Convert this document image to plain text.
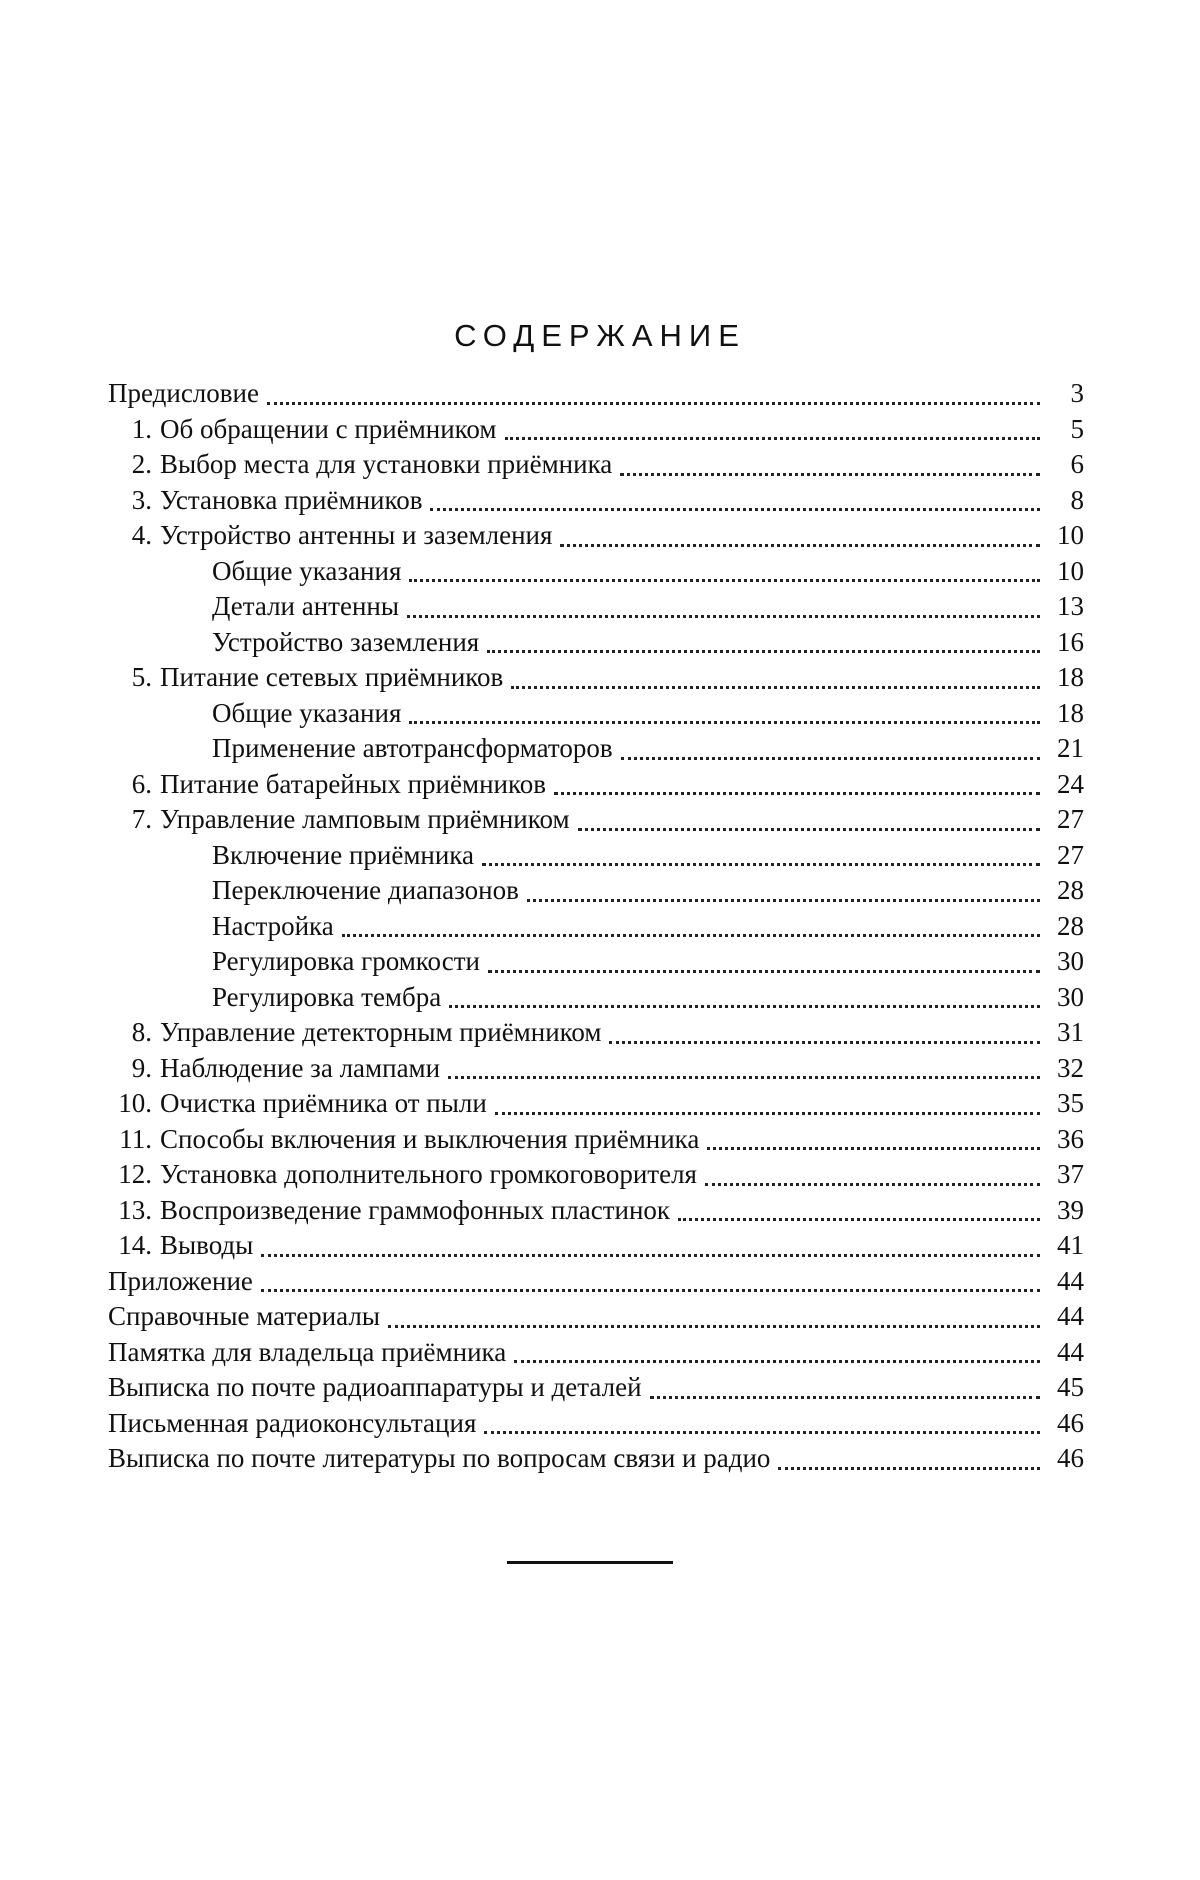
СОДЕРЖАНИЕ
Предисловие	3
1. Об обращении с приёмником	5
2. Выбор места для установки приёмника	6
3. Установка приёмников	8
4. Устройство антенны и заземления	10
Общие указания	10
Детали антенны	13
Устройство заземления	16
5. Питание сетевых приёмников	18
Общие указания	18
Применение автотрансформаторов	21
6. Питание батарейных приёмников	24
7. Управление ламповым приёмником	27
Включение приёмника	27
Переключение диапазонов	28
Настройка	28
Регулировка громкости	30
Регулировка тембра	30
8. Управление детекторным приёмником	31
9. Наблюдение за лампами	32
10. Очистка приёмника от пыли	35
11. Способы включения и выключения приёмника	36
12. Установка дополнительного громкоговорителя	37
13. Воспроизведение граммофонных пластинок	39
14. Выводы	41
Приложение	44
Справочные материалы	44
Памятка для владельца приёмника	44
Выписка по почте радиоаппаратуры и деталей	45
Письменная радиоконсультация	46
Выписка по почте литературы по вопросам связи и радио	46
